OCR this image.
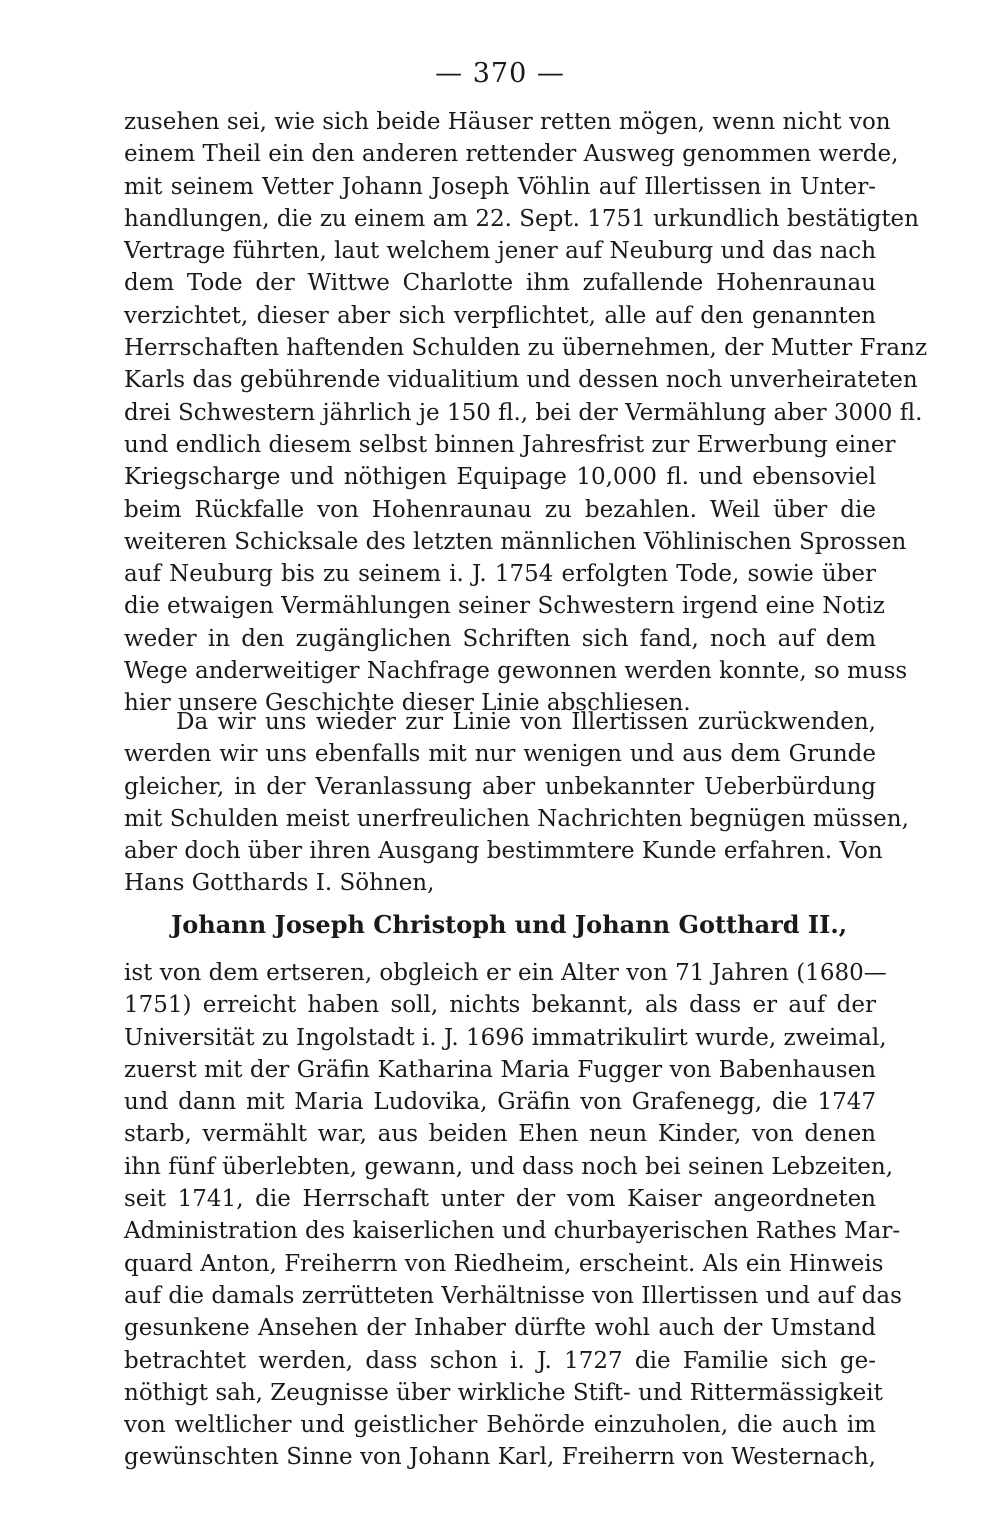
— 370 —
zusehen sei, wie sich beide Häuser retten mögen, wenn nicht von
einem Theil ein den anderen rettender Ausweg genommen werde,
mit seinem Vetter Johann Joseph Vöhlin auf Illertissen in Unter-
handlungen, die zu einem am 22. Sept. 1751 urkundlich bestätigten
Vertrage führten, laut welchem jener auf Neuburg und das nach
dem Tode der Wittwe Charlotte ihm zufallende Hohenraunau
verzichtet, dieser aber sich verpflichtet, alle auf den genannten
Herrschaften haftenden Schulden zu übernehmen, der Mutter Franz
Karls das gebührende vidualitium und dessen noch unverheirateten
drei Schwestern jährlich je 150 fl., bei der Vermählung aber 3000 fl.
und endlich diesem selbst binnen Jahresfrist zur Erwerbung einer
Kriegscharge und nöthigen Equipage 10,000 fl. und ebensoviel
beim Rückfalle von Hohenraunau zu bezahlen. Weil über die
weiteren Schicksale des letzten männlichen Vöhlinischen Sprossen
auf Neuburg bis zu seinem i. J. 1754 erfolgten Tode, sowie über
die etwaigen Vermählungen seiner Schwestern irgend eine Notiz
weder in den zugänglichen Schriften sich fand, noch auf dem
Wege anderweitiger Nachfrage gewonnen werden konnte, so muss
hier unsere Geschichte dieser Linie abschliesen.
Da wir uns wieder zur Linie von Illertissen zurückwenden,
werden wir uns ebenfalls mit nur wenigen und aus dem Grunde
gleicher, in der Veranlassung aber unbekannter Ueberbürdung
mit Schulden meist unerfreulichen Nachrichten begnügen müssen,
aber doch über ihren Ausgang bestimmtere Kunde erfahren. Von
Hans Gotthards I. Söhnen,
Johann Joseph Christoph und Johann Gotthard II.,
ist von dem ertseren, obgleich er ein Alter von 71 Jahren (1680—
1751) erreicht haben soll, nichts bekannt, als dass er auf der
Universität zu Ingolstadt i. J. 1696 immatrikulirt wurde, zweimal,
zuerst mit der Gräfin Katharina Maria Fugger von Babenhausen
und dann mit Maria Ludovika, Gräfin von Grafenegg, die 1747
starb, vermählt war, aus beiden Ehen neun Kinder, von denen
ihn fünf überlebten, gewann, und dass noch bei seinen Lebzeiten,
seit 1741, die Herrschaft unter der vom Kaiser angeordneten
Administration des kaiserlichen und churbayerischen Rathes Mar-
quard Anton, Freiherrn von Riedheim, erscheint. Als ein Hinweis
auf die damals zerrütteten Verhältnisse von Illertissen und auf das
gesunkene Ansehen der Inhaber dürfte wohl auch der Umstand
betrachtet werden, dass schon i. J. 1727 die Familie sich ge-
nöthigt sah, Zeugnisse über wirkliche Stift- und Rittermässigkeit
von weltlicher und geistlicher Behörde einzuholen, die auch im
gewünschten Sinne von Johann Karl, Freiherrn von Westernach,
